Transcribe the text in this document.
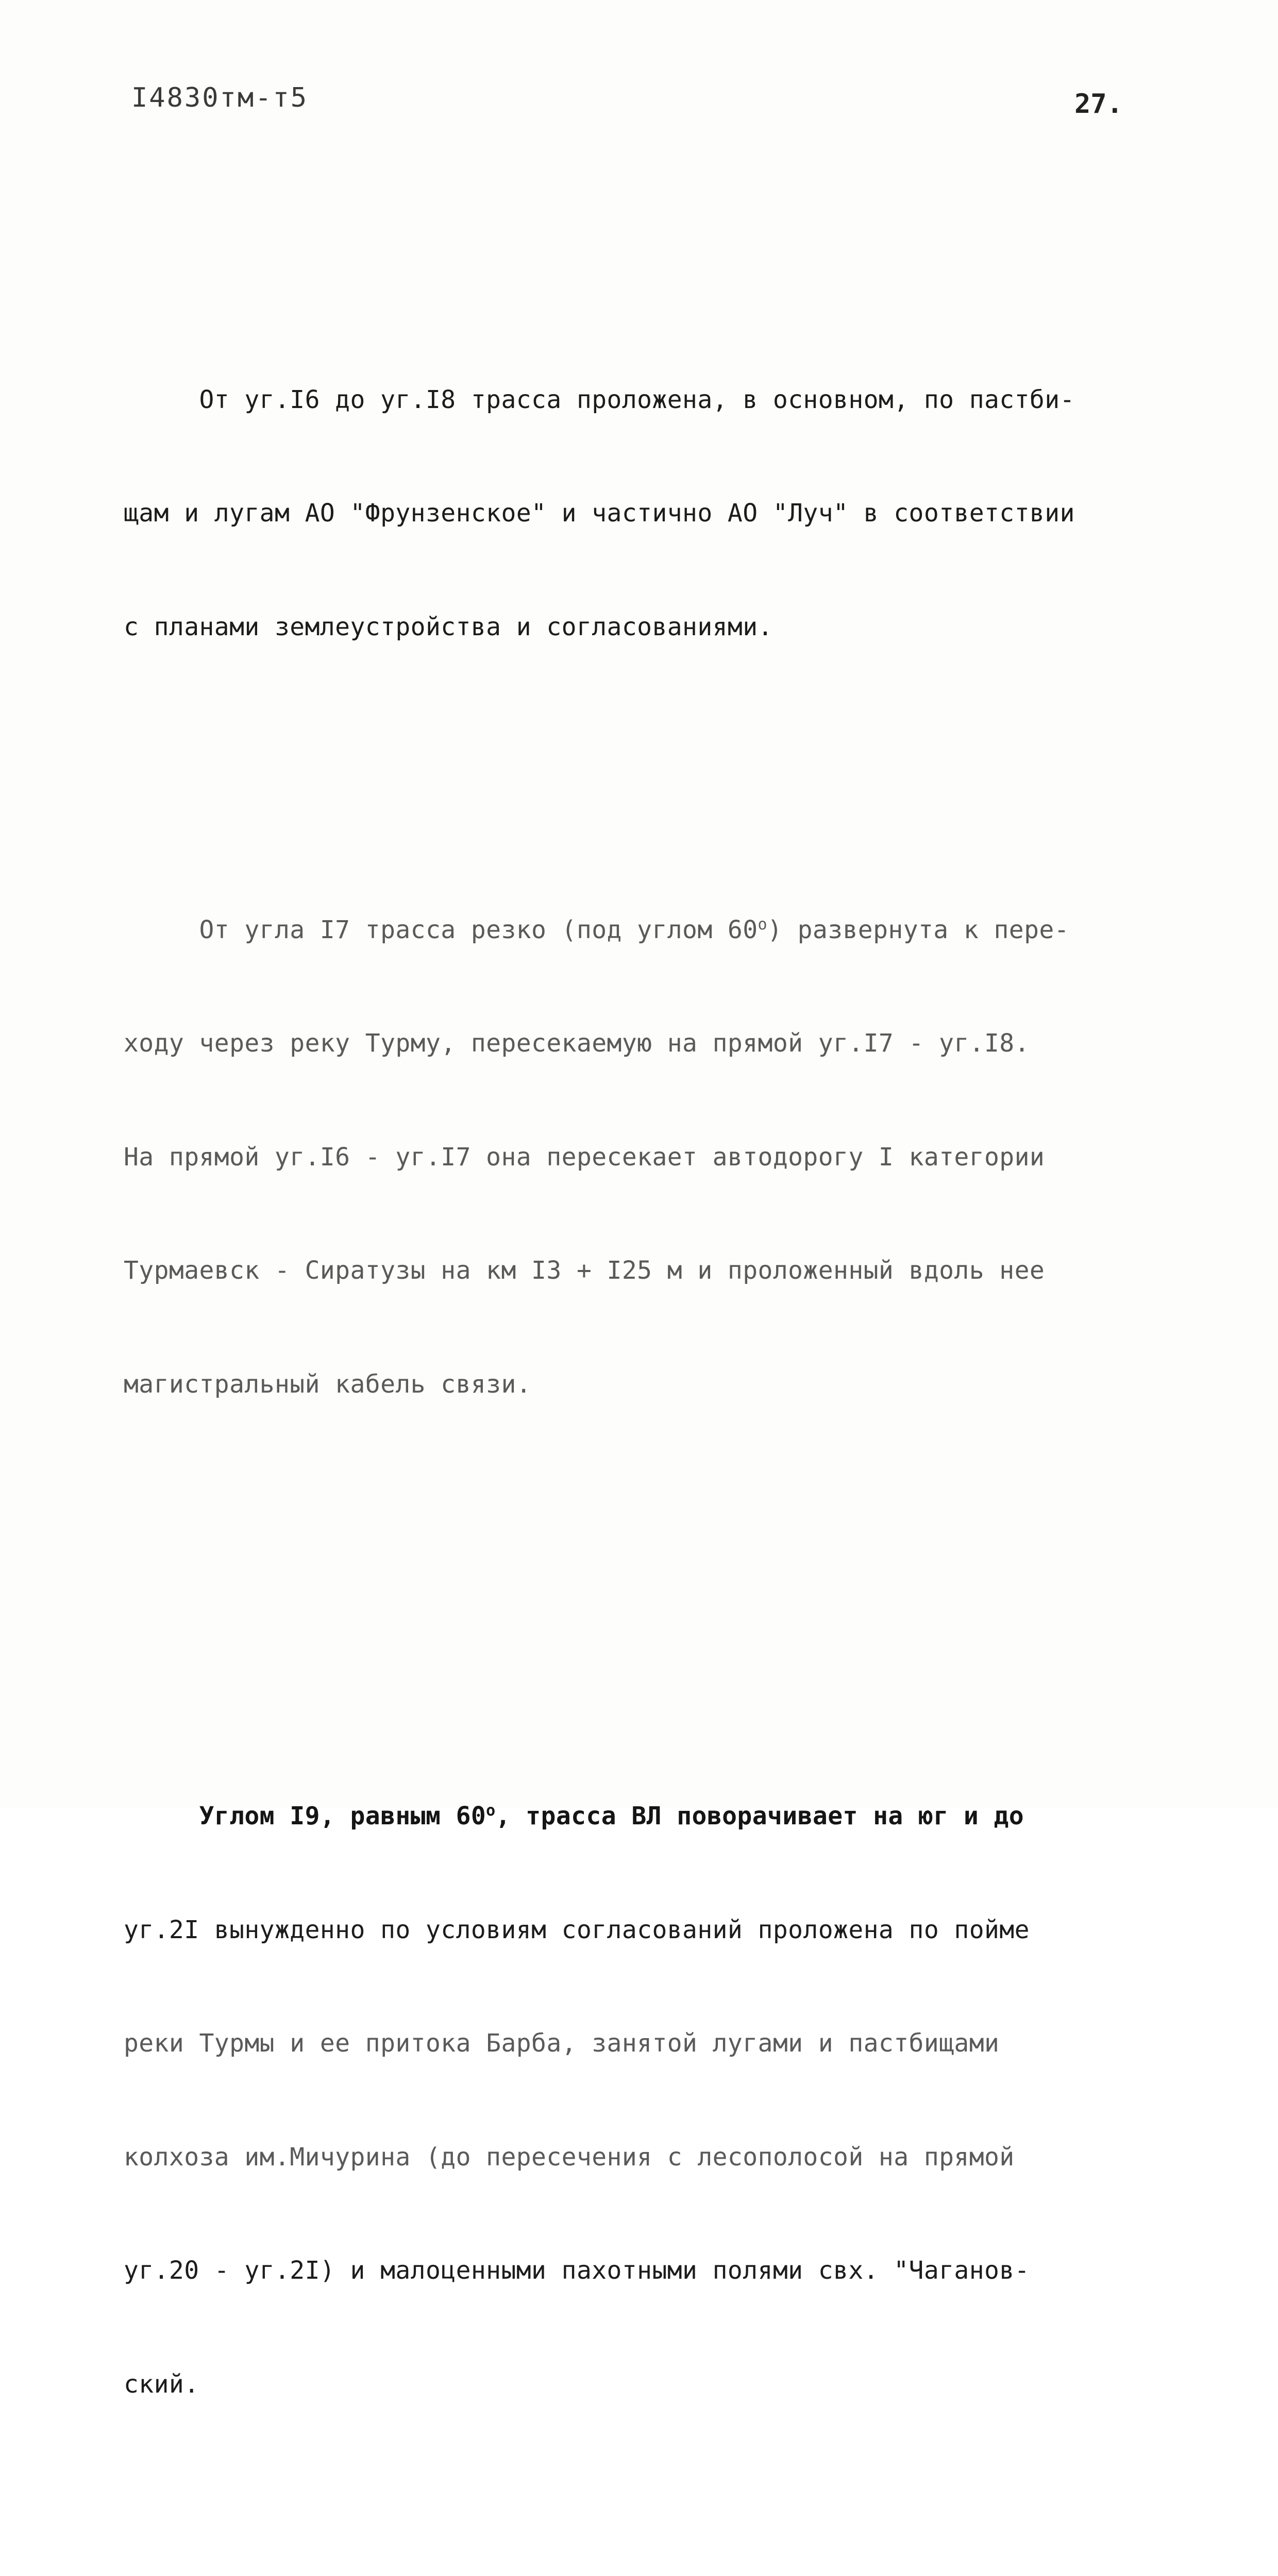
I4830тм-т5	27.

От уг.I6 до уг.I8 трасса проложена, в основном, по пастби-

щам и лугам АО "Фрунзенское" и частично АО "Луч" в соответствии

с планами землеустройства и согласованиями.

От угла I7 трасса резко (под углом $60^о$) развернута к пере-

ходу через реку Турму, пересекаемую на прямой уг.I7 - уг.I8.

На прямой уг.I6 - уг.I7 она пересекает автодорогу I категории

Турмаевск - Сиратузы на км I3 + I25 м и проложенный вдоль нее

магистральный кабель связи.

Углом I9, равным $60^о$, трасса ВЛ поворачивает на юг и до

уг.2I вынужденно по условиям согласований проложена по пойме

реки Турмы и ее притока Барба, занятой лугами и пастбищами

колхоза им.Мичурина (до пересечения с лесополосой на прямой

уг.20 - уг.2I) и малоценными пахотными полями свх. "Чаганов-

ский.
